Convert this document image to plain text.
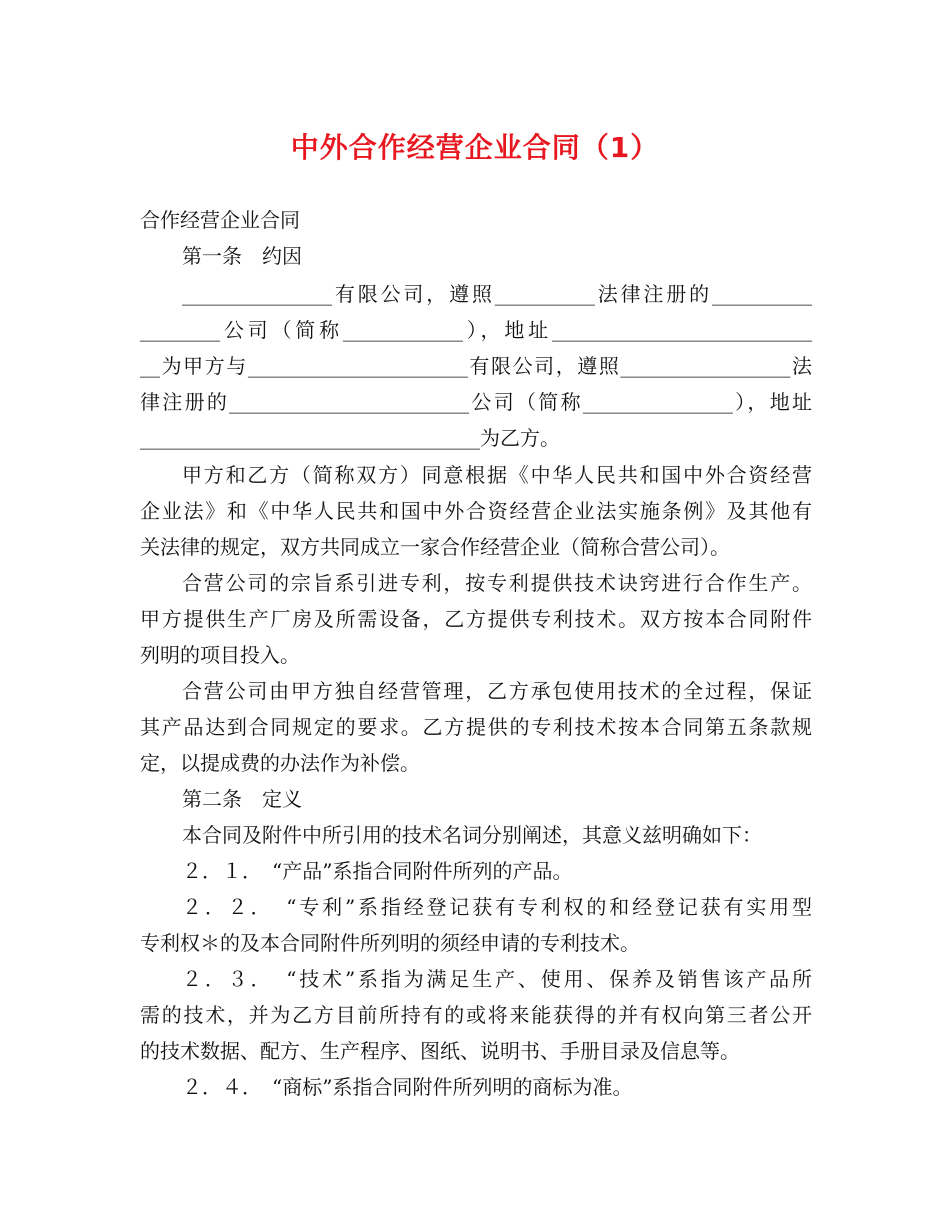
中外合作经营企业合同（1）
合作经营企业合同
第一条　约因
_______________有限公司，遵照__________法律注册的__________
________公司（简称____________），地址__________________________
__为甲方与______________________有限公司，遵照_________________法
律注册的________________________公司（简称_______________），地址
__________________________________为乙方。
甲方和乙方（简称双方）同意根据《中华人民共和国中外合资经营
企业法》和《中华人民共和国中外合资经营企业法实施条例》及其他有
关法律的规定，双方共同成立一家合作经营企业（简称合营公司）。
合营公司的宗旨系引进专利，按专利提供技术诀窍进行合作生产。
甲方提供生产厂房及所需设备，乙方提供专利技术。双方按本合同附件
列明的项目投入。
合营公司由甲方独自经营管理，乙方承包使用技术的全过程，保证
其产品达到合同规定的要求。乙方提供的专利技术按本合同第五条款规
定，以提成费的办法作为补偿。
第二条　定义
本合同及附件中所引用的技术名词分别阐述，其意义兹明确如下：
２．１．　“产品”系指合同附件所列的产品。
２．２．　“专利”系指经登记获有专利权的和经登记获有实用型
专利权＊的及本合同附件所列明的须经申请的专利技术。
２．３．　“技术”系指为满足生产、使用、保养及销售该产品所
需的技术，并为乙方目前所持有的或将来能获得的并有权向第三者公开
的技术数据、配方、生产程序、图纸、说明书、手册目录及信息等。
２．４．　“商标”系指合同附件所列明的商标为准。
